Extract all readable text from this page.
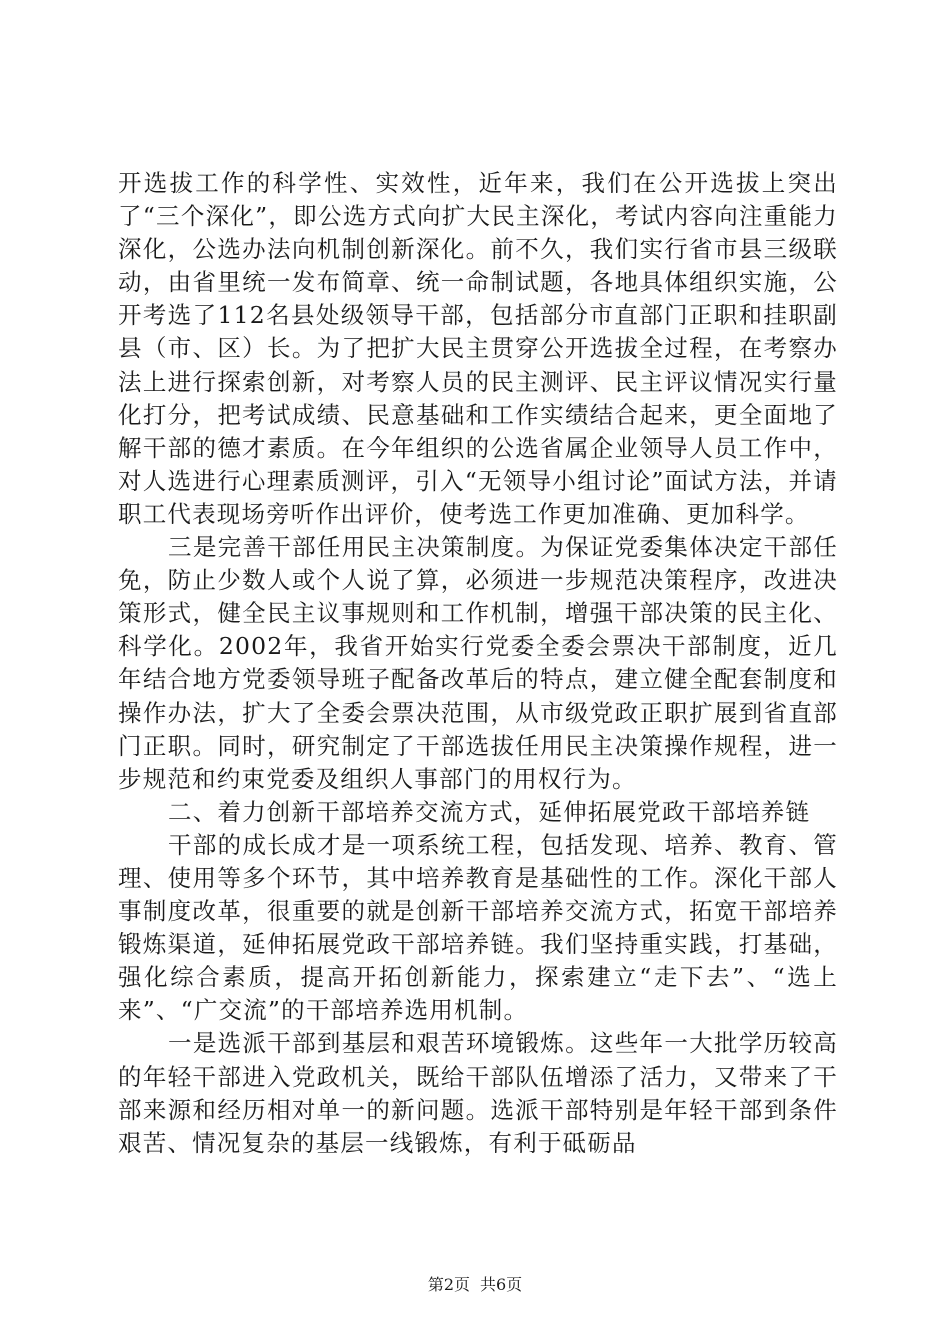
开选拔工作的科学性、实效性，近年来，我们在公开选拔上突出了“三个深化”，即公选方式向扩大民主深化，考试内容向注重能力深化，公选办法向机制创新深化。前不久，我们实行省市县三级联动，由省里统一发布简章、统一命制试题，各地具体组织实施，公开考选了112名县处级领导干部，包括部分市直部门正职和挂职副县（市、区）长。为了把扩大民主贯穿公开选拔全过程，在考察办法上进行探索创新，对考察人员的民主测评、民主评议情况实行量化打分，把考试成绩、民意基础和工作实绩结合起来，更全面地了解干部的德才素质。在今年组织的公选省属企业领导人员工作中，对人选进行心理素质测评，引入“无领导小组讨论”面试方法，并请职工代表现场旁听作出评价，使考选工作更加准确、更加科学。

三是完善干部任用民主决策制度。为保证党委集体决定干部任免，防止少数人或个人说了算，必须进一步规范决策程序，改进决策形式，健全民主议事规则和工作机制，增强干部决策的民主化、科学化。2002年，我省开始实行党委全委会票决干部制度，近几年结合地方党委领导班子配备改革后的特点，建立健全配套制度和操作办法，扩大了全委会票决范围，从市级党政正职扩展到省直部门正职。同时，研究制定了干部选拔任用民主决策操作规程，进一步规范和约束党委及组织人事部门的用权行为。

二、着力创新干部培养交流方式，延伸拓展党政干部培养链

干部的成长成才是一项系统工程，包括发现、培养、教育、管理、使用等多个环节，其中培养教育是基础性的工作。深化干部人事制度改革，很重要的就是创新干部培养交流方式，拓宽干部培养锻炼渠道，延伸拓展党政干部培养链。我们坚持重实践，打基础，强化综合素质，提高开拓创新能力，探索建立“走下去”、“选上来”、“广交流”的干部培养选用机制。

一是选派干部到基层和艰苦环境锻炼。这些年一大批学历较高的年轻干部进入党政机关，既给干部队伍增添了活力，又带来了干部来源和经历相对单一的新问题。选派干部特别是年轻干部到条件艰苦、情况复杂的基层一线锻炼，有利于砥砺品

第2页 共6页
